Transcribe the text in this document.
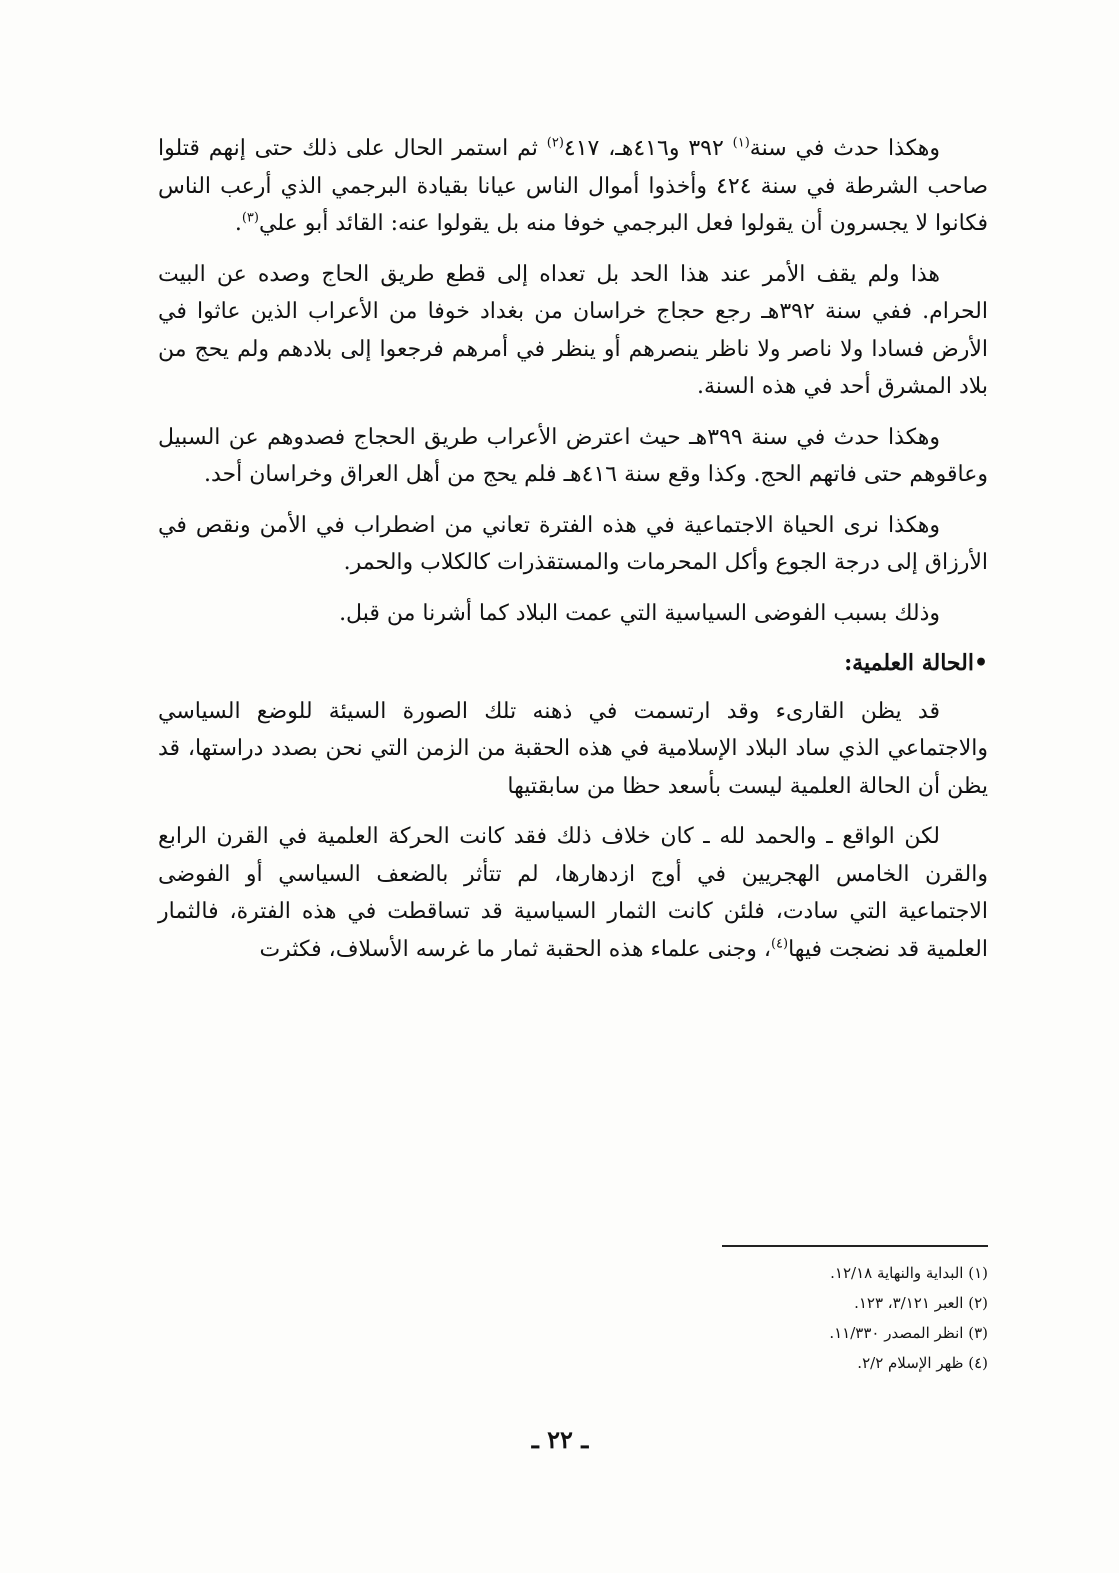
وهكذا حدث في سنة$^{(١)}$ ٣٩٢ و٤١٦هـ، ٤١٧$^{(٢)}$ ثم استمر الحال على ذلك حتى إنهم قتلوا صاحب الشرطة في سنة ٤٢٤ وأخذوا أموال الناس عيانا بقيادة البرجمي الذي أرعب الناس فكانوا لا يجسرون أن يقولوا فعل البرجمي خوفا منه بل يقولوا عنه: القائد أبو علي$^{(٣)}$.

هذا ولم يقف الأمر عند هذا الحد بل تعداه إلى قطع طريق الحاج وصده عن البيت الحرام. ففي سنة ٣٩٢هـ رجع حجاج خراسان من بغداد خوفا من الأعراب الذين عاثوا في الأرض فسادا ولا ناصر ولا ناظر ينصرهم أو ينظر في أمرهم فرجعوا إلى بلادهم ولم يحج من بلاد المشرق أحد في هذه السنة.

وهكذا حدث في سنة ٣٩٩هـ حيث اعترض الأعراب طريق الحجاج فصدوهم عن السبيل وعاقوهم حتى فاتهم الحج. وكذا وقع سنة ٤١٦هـ فلم يحج من أهل العراق وخراسان أحد.

وهكذا نرى الحياة الاجتماعية في هذه الفترة تعاني من اضطراب في الأمن ونقص في الأرزاق إلى درجة الجوع وأكل المحرمات والمستقذرات كالكلاب والحمر.

وذلك بسبب الفوضى السياسية التي عمت البلاد كما أشرنا من قبل.

•الحالة العلمية:

قد يظن القارىء وقد ارتسمت في ذهنه تلك الصورة السيئة للوضع السياسي والاجتماعي الذي ساد البلاد الإسلامية في هذه الحقبة من الزمن التي نحن بصدد دراستها، قد يظن أن الحالة العلمية ليست بأسعد حظا من سابقتيها

لكن الواقع ـ والحمد لله ـ كان خلاف ذلك فقد كانت الحركة العلمية في القرن الرابع والقرن الخامس الهجريين في أوج ازدهارها، لم تتأثر بالضعف السياسي أو الفوضى الاجتماعية التي سادت، فلئن كانت الثمار السياسية قد تساقطت في هذه الفترة، فالثمار العلمية قد نضجت فيها$^{(٤)}$، وجنى علماء هذه الحقبة ثمار ما غرسه الأسلاف، فكثرت

(١) البداية والنهاية ١٢/١٨.

(٢) العبر ٣/١٢١، ١٢٣.

(٣) انظر المصدر ١١/٣٣٠.

(٤) ظهر الإسلام ٢/٢.

ـ ٢٢ ـ
